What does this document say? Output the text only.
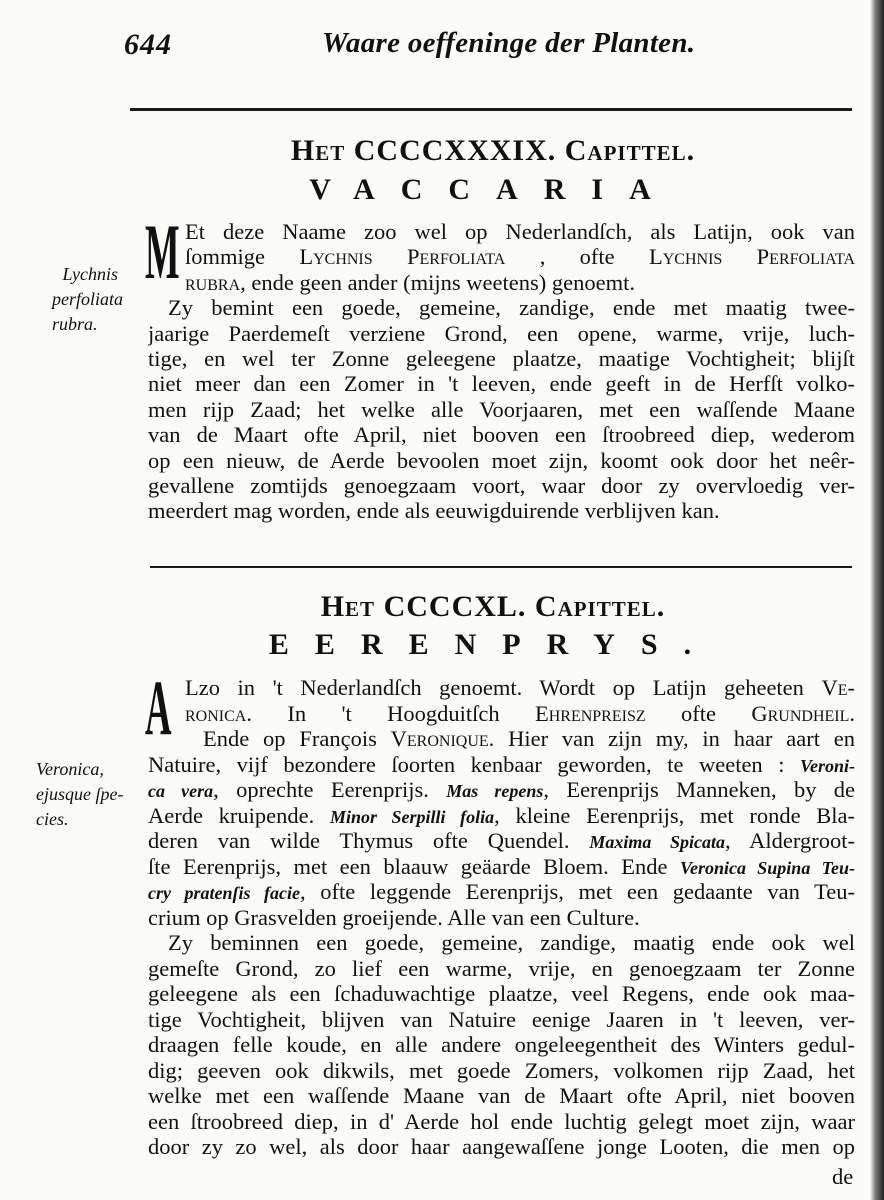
644	Waare oeffeninge der Planten.
Het CCCCXXXIX. Capittel.
VACCARIA
M
Lychnis
perfoliata
rubra.
Et deze Naame zoo wel op Nederlandſch, als Latijn, ook van
ſommige Lychnis Perfoliata , ofte Lychnis Perfoliata
rubra, ende geen ander (mijns weetens) genoemt.
Zy bemint een goede, gemeine, zandige, ende met maatig twee-
jaarige Paerdemeſt verziene Grond, een opene, warme, vrije, luch-
tige, en wel ter Zonne geleegene plaatze, maatige Vochtigheit; blijſt
niet meer dan een Zomer in 't leeven, ende geeft in de Herfſt volko-
men rijp Zaad; het welke alle Voorjaaren, met een waſſende Maane
van de Maart ofte April, niet booven een ſtroobreed diep, wederom
op een nieuw, de Aerde bevoolen moet zijn, koomt ook door het neêr-
gevallene zomtijds genoegzaam voort, waar door zy overvloedig ver-
meerdert mag worden, ende als eeuwigduirende verblijven kan.
Het CCCCXL. Capittel.
EERENPRYS.
A
Veronica,
ejusque ſpe-
cies.
Lzo in 't Nederlandſch genoemt. Wordt op Latijn geheeten Ve-
ronica. In 't Hoogduitſch Ehrenpreisz ofte Grundheil.
Ende op François Veronique. Hier van zijn my, in haar aart en
Natuire, vijf bezondere ſoorten kenbaar geworden, te weeten : Veroni-
ca vera, oprechte Eerenprijs. Mas repens, Eerenprijs Manneken, by de
Aerde kruipende. Minor Serpilli folia, kleine Eerenprijs, met ronde Bla-
deren van wilde Thymus ofte Quendel. Maxima Spicata, Aldergroot-
ſte Eerenprijs, met een blaauw geäarde Bloem. Ende Veronica Supina Teu-
cry pratenſis facie, ofte leggende Eerenprijs, met een gedaante van Teu-
crium op Grasvelden groeijende. Alle van een Culture.
Zy beminnen een goede, gemeine, zandige, maatig ende ook wel
gemeſte Grond, zo lief een warme, vrije, en genoegzaam ter Zonne
geleegene als een ſchaduwachtige plaatze, veel Regens, ende ook maa-
tige Vochtigheit, blijven van Natuire eenige Jaaren in 't leeven, ver-
draagen felle koude, en alle andere ongeleegentheit des Winters gedul-
dig; geeven ook dikwils, met goede Zomers, volkomen rijp Zaad, het
welke met een waſſende Maane van de Maart ofte April, niet booven
een ſtroobreed diep, in d' Aerde hol ende luchtig gelegt moet zijn, waar
door zy zo wel, als door haar aangewaſſene jonge Looten, die men op
de
